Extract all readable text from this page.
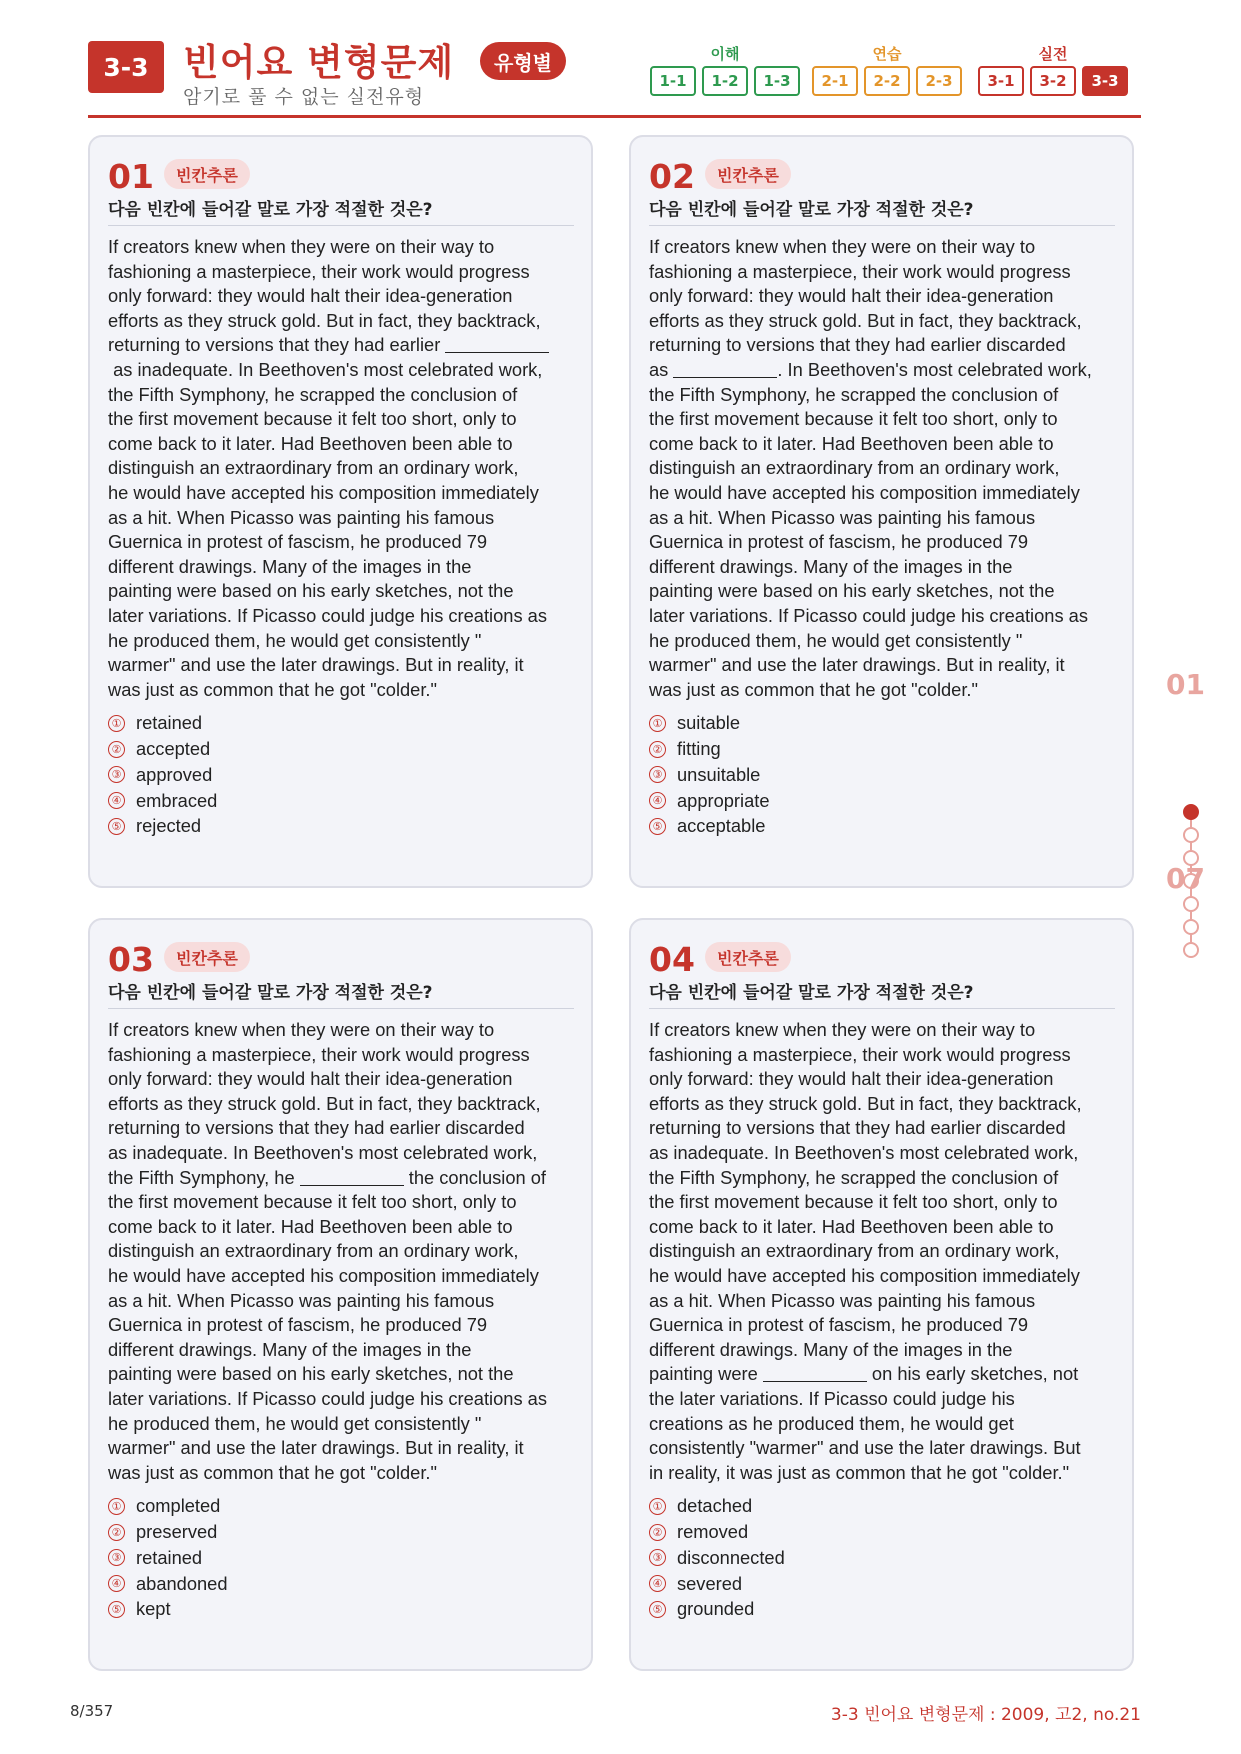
3-3 빈어요 변형문제	유형별
암기로 풀 수 없는 실전유형
이해
1-1	1-2	1-3
연습
2-1	2-2	2-3
실전
3-1	3-2	3-3
01	빈칸추론
다음 빈칸에 들어갈 말로 가장 적절한 것은?
If creators knew when they were on their way to
fashioning a masterpiece, their work would progress
only forward: they would halt their idea-generation
efforts as they struck gold. But in fact, they backtrack,
returning to versions that they had earlier
as inadequate. In Beethoven's most celebrated work,
the Fifth Symphony, he scrapped the conclusion of
the first movement because it felt too short, only to
come back to it later. Had Beethoven been able to
distinguish an extraordinary from an ordinary work,
he would have accepted his composition immediately
as a hit. When Picasso was painting his famous
Guernica in protest of fascism, he produced 79
different drawings. Many of the images in the
painting were based on his early sketches, not the
later variations. If Picasso could judge his creations as
he produced them, he would get consistently "
warmer" and use the later drawings. But in reality, it
was just as common that he got "colder."
① retained
② accepted
③ approved
④ embraced
⑤ rejected
02	빈칸추론
다음 빈칸에 들어갈 말로 가장 적절한 것은?
If creators knew when they were on their way to
fashioning a masterpiece, their work would progress
only forward: they would halt their idea-generation
efforts as they struck gold. But in fact, they backtrack,
returning to versions that they had earlier discarded
as	. In Beethoven's most celebrated work,
the Fifth Symphony, he scrapped the conclusion of
the first movement because it felt too short, only to
come back to it later. Had Beethoven been able to
distinguish an extraordinary from an ordinary work,
he would have accepted his composition immediately
as a hit. When Picasso was painting his famous
Guernica in protest of fascism, he produced 79
different drawings. Many of the images in the
painting were based on his early sketches, not the
later variations. If Picasso could judge his creations as
he produced them, he would get consistently "
warmer" and use the later drawings. But in reality, it
was just as common that he got "colder."
① suitable
② fitting
③ unsuitable
④ appropriate
⑤ acceptable
03	빈칸추론
다음 빈칸에 들어갈 말로 가장 적절한 것은?
If creators knew when they were on their way to
fashioning a masterpiece, their work would progress
only forward: they would halt their idea-generation
efforts as they struck gold. But in fact, they backtrack,
returning to versions that they had earlier discarded
as inadequate. In Beethoven's most celebrated work,
the Fifth Symphony, he	the conclusion of
the first movement because it felt too short, only to
come back to it later. Had Beethoven been able to
distinguish an extraordinary from an ordinary work,
he would have accepted his composition immediately
as a hit. When Picasso was painting his famous
Guernica in protest of fascism, he produced 79
different drawings. Many of the images in the
painting were based on his early sketches, not the
later variations. If Picasso could judge his creations as
he produced them, he would get consistently "
warmer" and use the later drawings. But in reality, it
was just as common that he got "colder."
① completed
② preserved
③ retained
④ abandoned
⑤ kept
04	빈칸추론
다음 빈칸에 들어갈 말로 가장 적절한 것은?
If creators knew when they were on their way to
fashioning a masterpiece, their work would progress
only forward: they would halt their idea-generation
efforts as they struck gold. But in fact, they backtrack,
returning to versions that they had earlier discarded
as inadequate. In Beethoven's most celebrated work,
the Fifth Symphony, he scrapped the conclusion of
the first movement because it felt too short, only to
come back to it later. Had Beethoven been able to
distinguish an extraordinary from an ordinary work,
he would have accepted his composition immediately
as a hit. When Picasso was painting his famous
Guernica in protest of fascism, he produced 79
different drawings. Many of the images in the
painting were	on his early sketches, not
the later variations. If Picasso could judge his
creations as he produced them, he would get
consistently "warmer" and use the later drawings. But
in reality, it was just as common that he got "colder."
① detached
② removed
③ disconnected
④ severed
⑤ grounded
01
07
8/357	3-3 빈어요 변형문제 : 2009, 고2, no.21
